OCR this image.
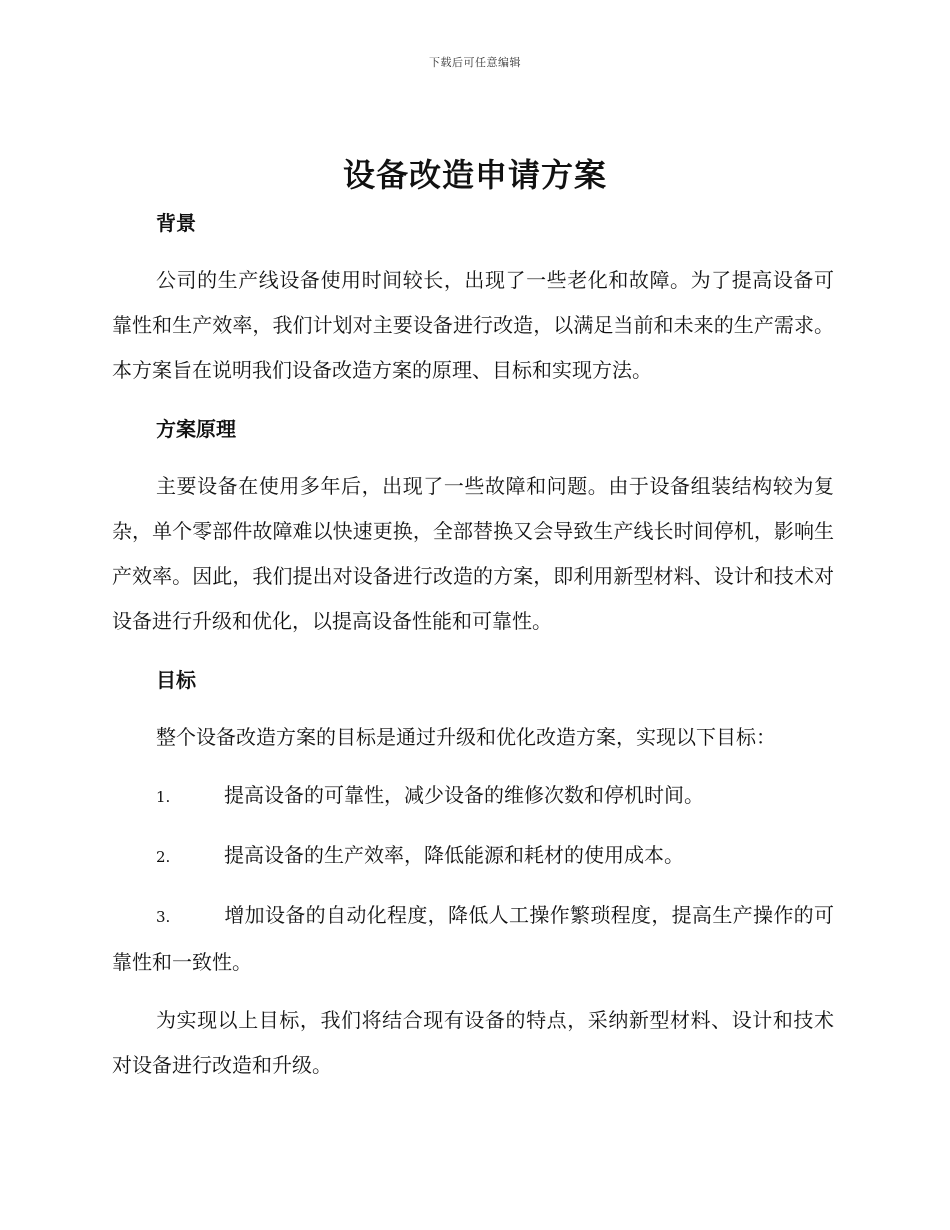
下载后可任意编辑
设备改造申请方案
背景

公司的生产线设备使用时间较长，出现了一些老化和故障。为了提高设备可靠性和生产效率，我们计划对主要设备进行改造，以满足当前和未来的生产需求。本方案旨在说明我们设备改造方案的原理、目标和实现方法。

方案原理

主要设备在使用多年后，出现了一些故障和问题。由于设备组装结构较为复杂，单个零部件故障难以快速更换，全部替换又会导致生产线长时间停机，影响生产效率。因此，我们提出对设备进行改造的方案，即利用新型材料、设计和技术对设备进行升级和优化，以提高设备性能和可靠性。

目标

整个设备改造方案的目标是通过升级和优化改造方案，实现以下目标：

1.	提高设备的可靠性，减少设备的维修次数和停机时间。

2.	提高设备的生产效率，降低能源和耗材的使用成本。

3.	增加设备的自动化程度，降低人工操作繁琐程度，提高生产操作的可靠性和一致性。

为实现以上目标，我们将结合现有设备的特点，采纳新型材料、设计和技术对设备进行改造和升级。
